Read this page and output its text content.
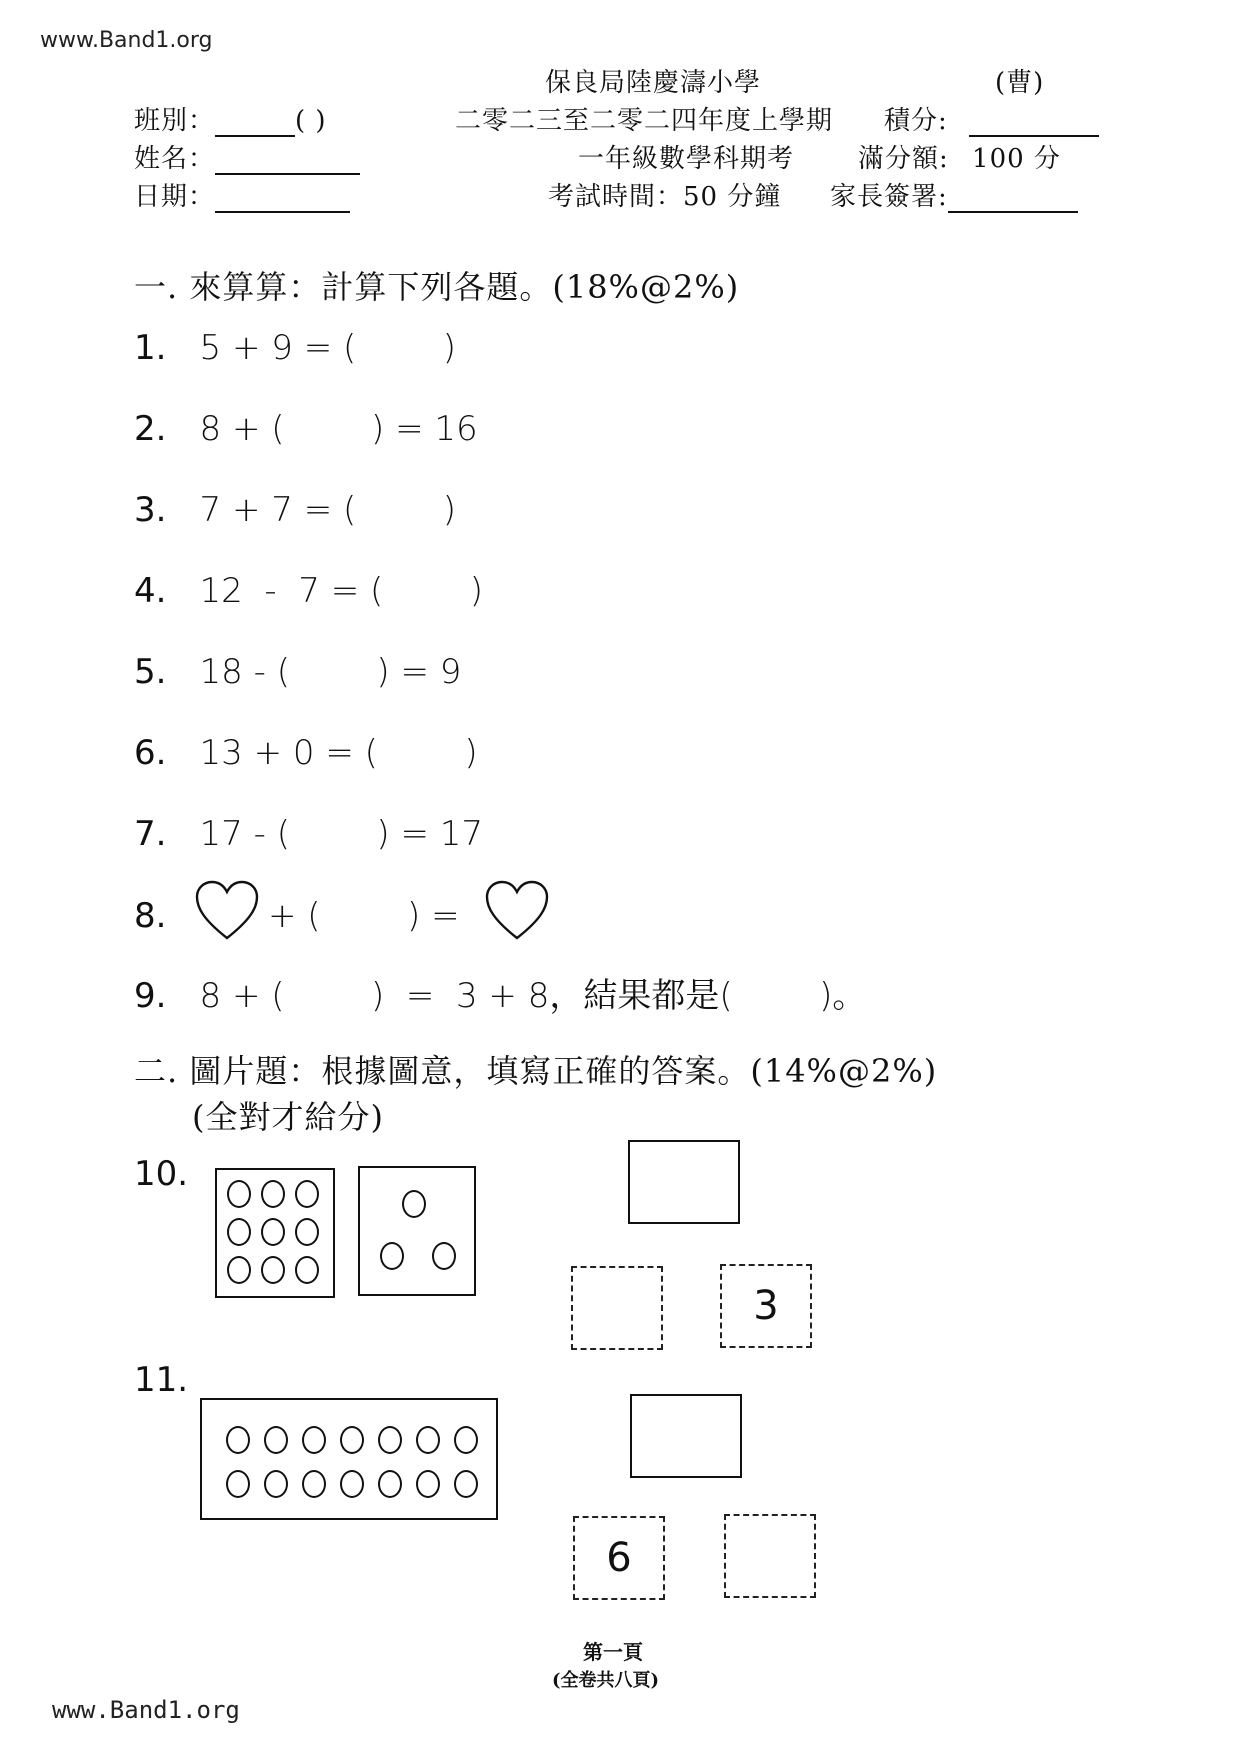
www.Band1.org
www.Band1.org
保良局陸慶濤小學	(曹)
班別：	( )	二零二三至二零二四年度上學期 積分:
姓名：	一年級數學科期考 滿分額: 100 分
日期：	考試時間：50 分鐘 家長簽署:
一. 來算算：計算下列各題。(18%@2%)
1. 5 + 9 = (        )
2. 8 + (        ) = 16
3. 7 + 7 = (        )
4. 12  -  7 = (        )
5. 18 - (        ) = 9
6. 13 + 0 = (        )
7. 17 - (        ) = 17
8.	+ (        ) =
9. 8 + (        )  =  3 + 8，結果都是(        )。
二. 圖片題：根據圖意，填寫正確的答案。(14%@2%)
(全對才給分)
10.
3
11.
6
第一頁
(全卷共八頁)
